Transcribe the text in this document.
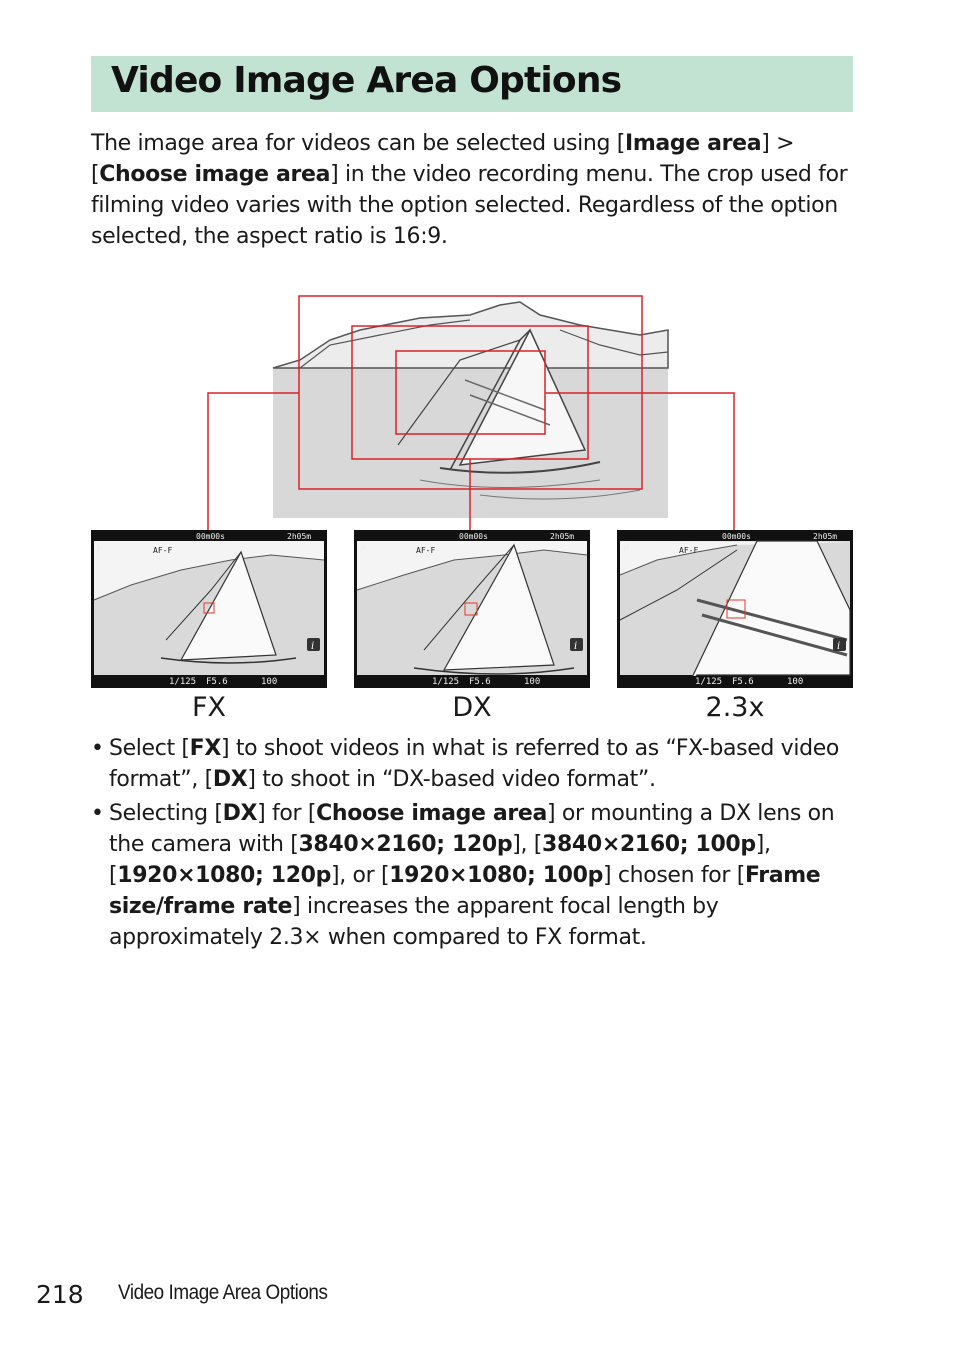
Video Image Area Options

The image area for videos can be selected using [Image area] > [Choose image area] in the video recording menu. The crop used for filming video varies with the option selected. Regardless of the option selected, the aspect ratio is 16:9.

P
00m00s	2h05m
AF-F
1/125 F5.6	100
i
P
00m00s	2h05m
AF-F
1/125 F5.6	100
i
P
00m00s	2h05m
AF-F
1/125 F5.6	100
i
FX	DX	2.3x
• Select [FX] to shoot videos in what is referred to as “FX-based video format”, [DX] to shoot in “DX-based video format”.
• Selecting [DX] for [Choose image area] or mounting a DX lens on the camera with [3840×2160; 120p], [3840×2160; 100p], [1920×1080; 120p], or [1920×1080; 100p] chosen for [Frame size/frame rate] increases the apparent focal length by approximately 2.3× when compared to FX format.
218 Video Image Area Options
